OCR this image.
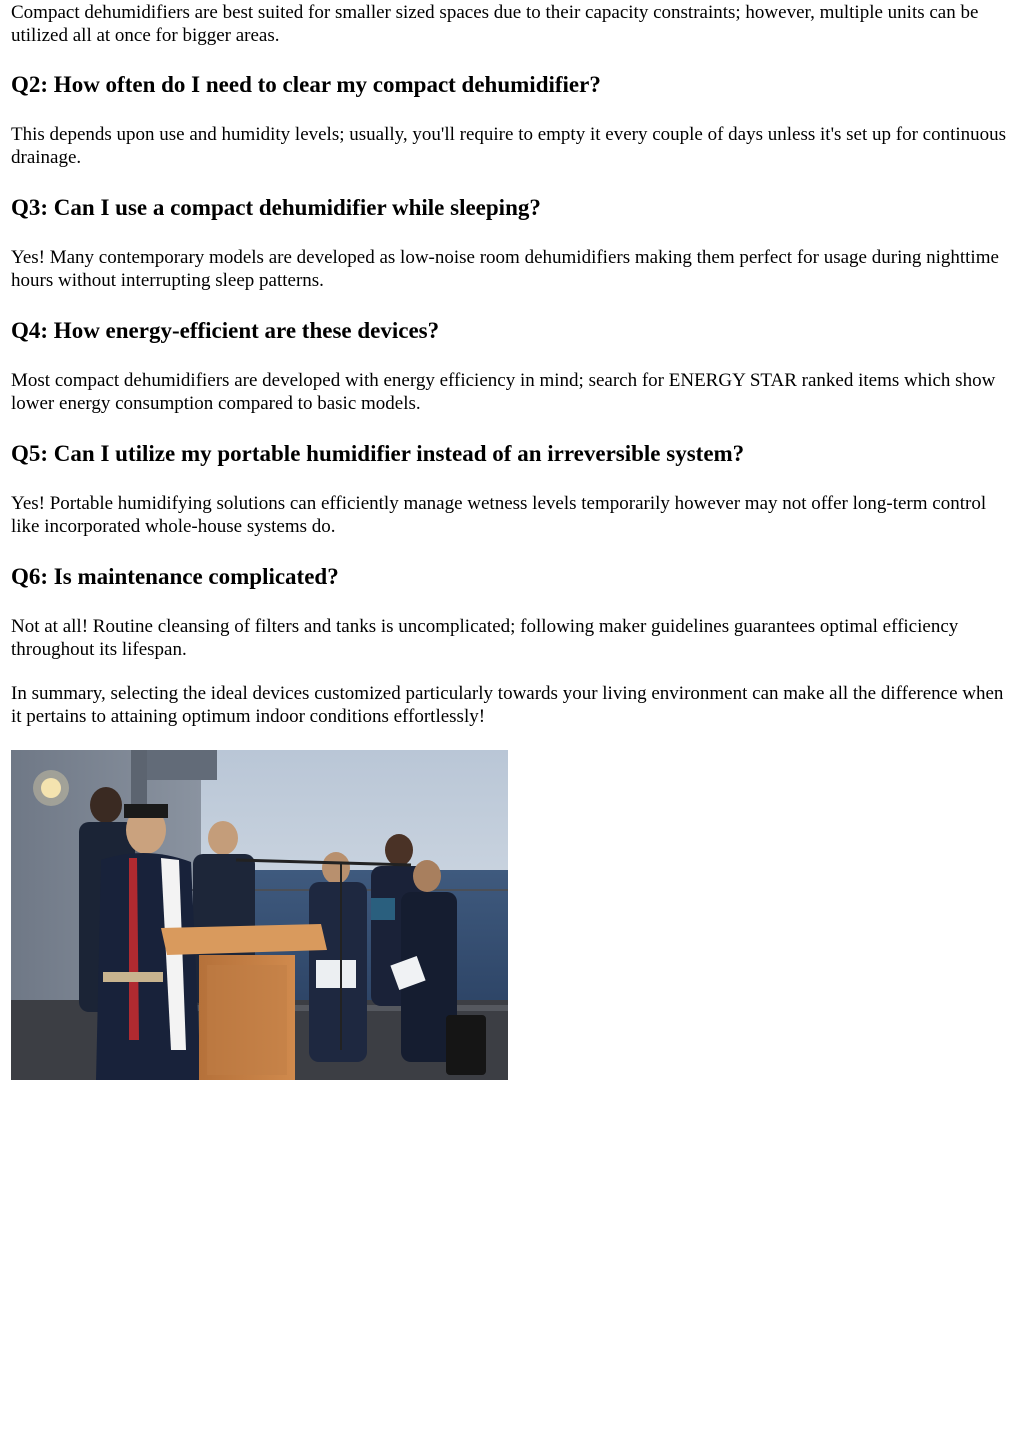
Compact dehumidifiers are best suited for smaller sized spaces due to their capacity constraints; however, multiple units can be utilized all at once for bigger areas.

Q2: How often do I need to clear my compact dehumidifier?

This depends upon use and humidity levels; usually, you'll require to empty it every couple of days unless it's set up for continuous drainage.

Q3: Can I use a compact dehumidifier while sleeping?

Yes! Many contemporary models are developed as low-noise room dehumidifiers making them perfect for usage during nighttime hours without interrupting sleep patterns.

Q4: How energy-efficient are these devices?

Most compact dehumidifiers are developed with energy efficiency in mind; search for ENERGY STAR ranked items which show lower energy consumption compared to basic models.

Q5: Can I utilize my portable humidifier instead of an irreversible system?

Yes! Portable humidifying solutions can efficiently manage wetness levels temporarily however may not offer long-term control like incorporated whole-house systems do.

Q6: Is maintenance complicated?

Not at all! Routine cleansing of filters and tanks is uncomplicated; following maker guidelines guarantees optimal efficiency throughout its lifespan.

In summary, selecting the ideal devices customized particularly towards your living environment can make all the difference when it pertains to attaining optimum indoor conditions effortlessly!
